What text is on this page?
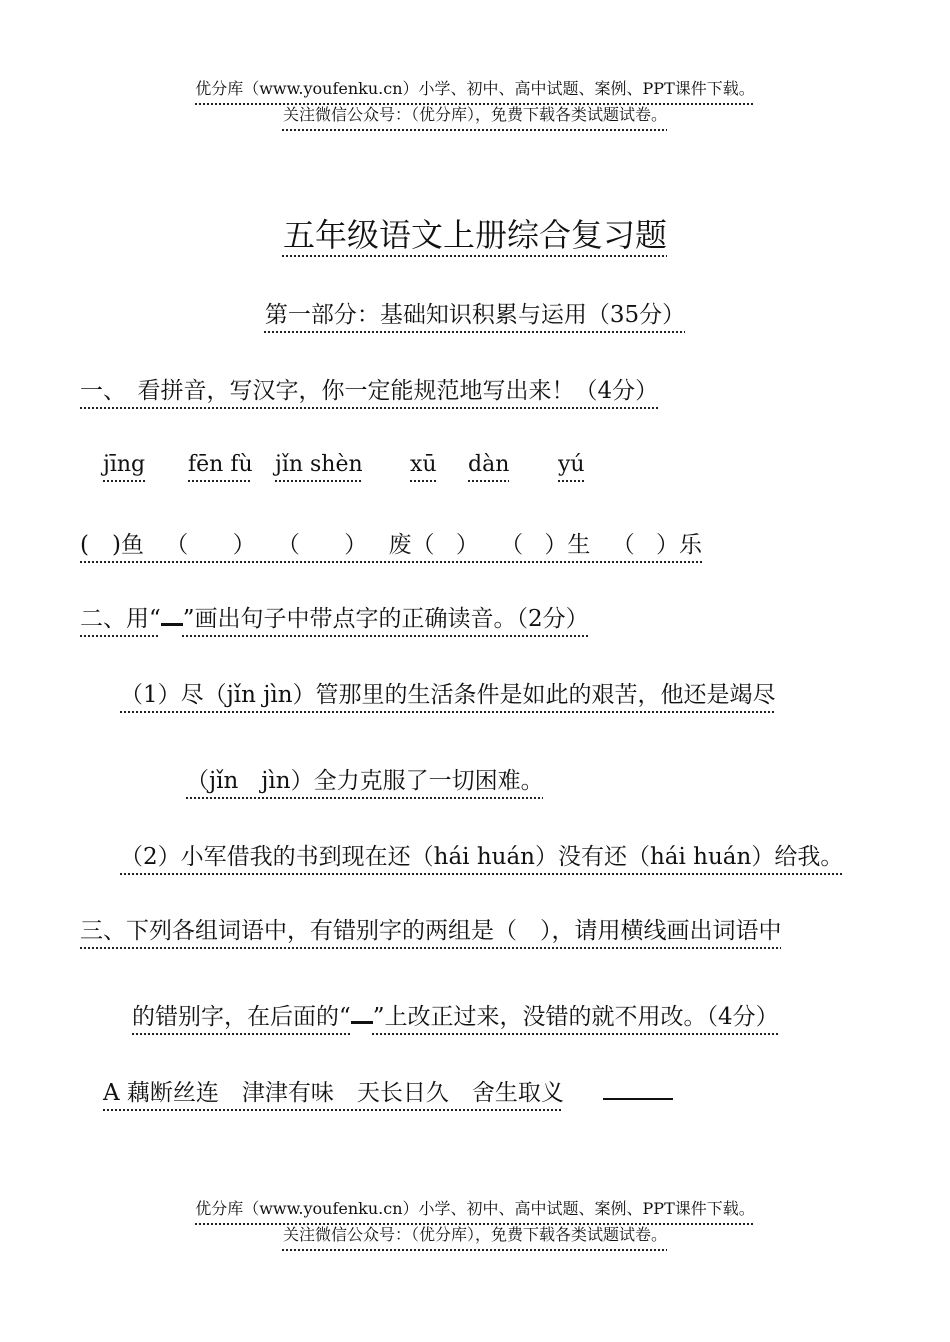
优分库（www.youfenku.cn）小学、初中、高中试题、案例、PPT课件下载。
关注微信公众号：（优分库），免费下载各类试题试卷。
五年级语文上册综合复习题
第一部分：基础知识积累与运用（35分）
一、　看拼音，写汉字，你一定能规范地写出来！（4分）
jīng fēn fù jǐn shèn xū dàn yú
(　)鱼 （　 ） （　 ） 废（ ） （ ）生 （ ）乐
二、用“ ”画出句子中带点字的正确读音。（2分）
（1）尽（jǐn jìn）管那里的生活条件是如此的艰苦，他还是竭尽
（jǐn　jìn）全力克服了一切困难。
（2）小军借我的书到现在还（hái huán）没有还（hái huán）给我。
三、下列各组词语中，有错别字的两组是（　），请用横线画出词语中
的错别字，在后面的“ ”上改正过来，没错的就不用改。（4分）
A 藕断丝连　津津有味　天长日久　舍生取义
优分库（www.youfenku.cn）小学、初中、高中试题、案例、PPT课件下载。
关注微信公众号：（优分库），免费下载各类试题试卷。
